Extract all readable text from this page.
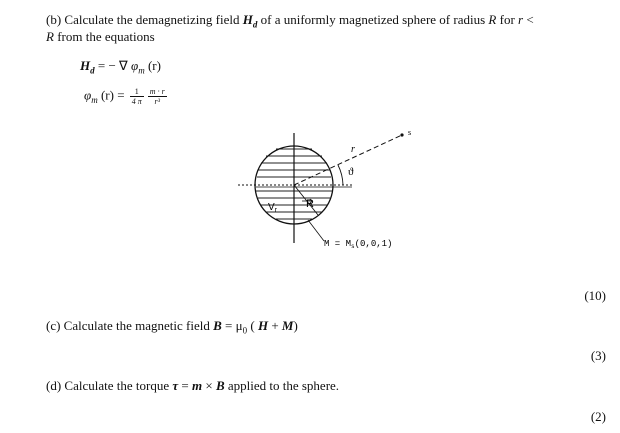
(b) Calculate the demagnetizing field $H_d$ of a uniformly magnetized sphere of radius R for r <
R from the equations
$H_d$ = − ∇ $\varphi_m$ (r)
$\varphi_m$ $(r) = \frac{1}{4 \pi} \frac{m \cdot r}{\text{r³}}$
r
ϑ
s
$V_r$
R
$M = M_s(0,0,1)$
(10)
(c) Calculate the magnetic field $B = \mu_0$ ( H + M)
(3)
(d) Calculate the torque τ = m × B applied to the sphere.
(2)
